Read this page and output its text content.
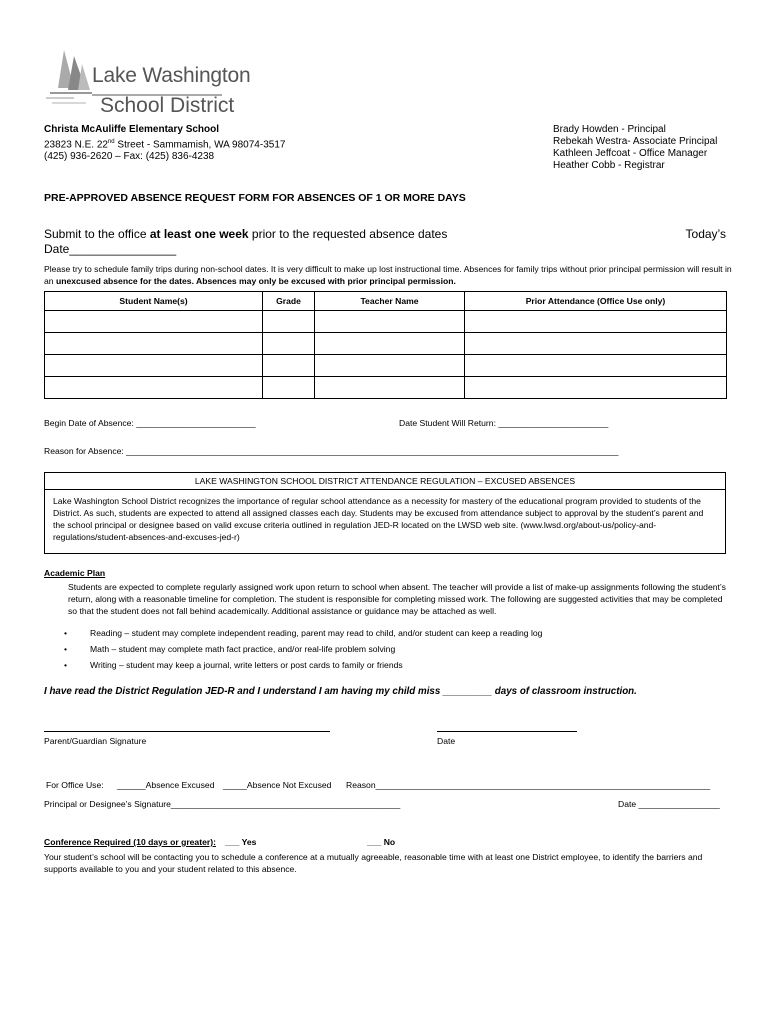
Lake Washington
School District
Christa McAuliffe Elementary School
23823 N.E. 22nd Street - Sammamish, WA 98074-3517
(425) 936-2620 – Fax: (425) 836-4238
Brady Howden - Principal
Rebekah Westra- Associate Principal
Kathleen Jeffcoat - Office Manager
Heather Cobb - Registrar
PRE-APPROVED ABSENCE REQUEST FORM FOR ABSENCES OF 1 OR MORE DAYS
Submit to the office at least one week prior to the requested absence dates	Today’s
Date________________
Please try to schedule family trips during non-school dates. It is very difficult to make up lost instructional time. Absences for family trips without prior principal permission will result in an unexcused absence for the dates. Absences may only be excused with prior principal permission.
Student Name(s)	Grade	Teacher Name	Prior Attendance (Office Use only)

Begin Date of Absence: _________________________	Date Student Will Return: _______________________
Reason for Absence: _______________________________________________________________________________________________________
LAKE WASHINGTON SCHOOL DISTRICT ATTENDANCE REGULATION – EXCUSED ABSENCES
Lake Washington School District recognizes the importance of regular school attendance as a necessity for mastery of the educational program provided to students of the District. As such, students are expected to attend all assigned classes each day. Students may be excused from attendance subject to approval by the student’s parent and the school principal or designee based on valid excuse criteria outlined in regulation JED-R located on the LWSD web site. (www.lwsd.org/about-us/policy-and-regulations/student-absences-and-excuses-jed-r)
Academic Plan
Students are expected to complete regularly assigned work upon return to school when absent. The teacher will provide a list of make-up assignments following the student’s return, along with a reasonable timeline for completion. The student is responsible for completing missed work. The following are suggested activities that may be completed so that the student does not fall behind academically. Additional assistance or guidance may be attached as well.
•	Reading – student may complete independent reading, parent may read to child, and/or student can keep a reading log
•	Math – student may complete math fact practice, and/or real-life problem solving
•	Writing – student may keep a journal, write letters or post cards to family or friends
I have read the District Regulation JED-R and I understand I am having my child miss _________ days of classroom instruction.
Parent/Guardian Signature	Date
For Office Use: ______Absence Excused _____Absence Not Excused Reason______________________________________________________________________
Principal or Designee’s Signature________________________________________________	Date _________________
Conference Required (10 days or greater): ___ Yes	___ No
Your student’s school will be contacting you to schedule a conference at a mutually agreeable, reasonable time with at least one District employee, to identify the barriers and supports available to you and your student related to this absence.
